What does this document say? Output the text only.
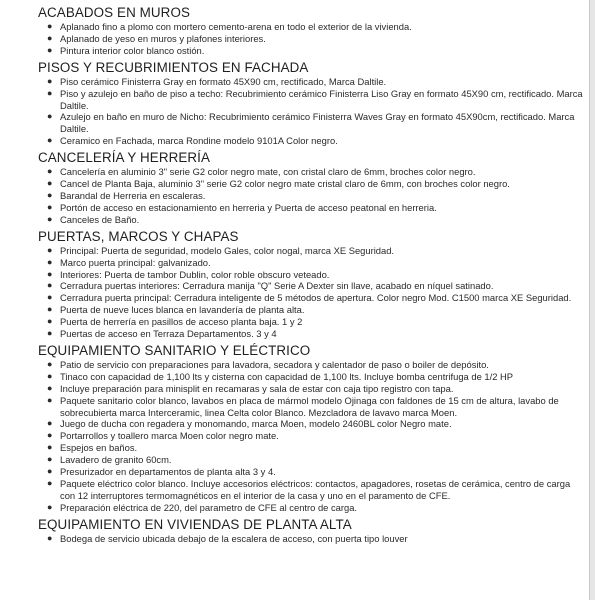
ACABADOS EN MUROS
● Aplanado fino a plomo con mortero cemento-arena en todo el exterior de la vivienda.
● Aplanado de yeso en muros y plafones interiores.
● Pintura interior color blanco ostión.
PISOS Y RECUBRIMIENTOS EN FACHADA
● Piso cerámico Finisterra Gray en formato 45X90 cm, rectificado, Marca Daltile.
● Piso y azulejo en baño de piso a techo: Recubrimiento cerámico Finisterra Liso Gray en formato 45X90 cm, rectificado. Marca Daltile.
● Azulejo en baño en muro de Nicho: Recubrimiento cerámico Finisterra Waves Gray en formato 45X90cm, rectificado. Marca Daltile.
● Ceramico en Fachada, marca Rondine modelo 9101A Color negro.
CANCELERÍA Y HERRERÍA
● Cancelería en aluminio 3" serie G2 color negro mate, con cristal claro de 6mm, broches color negro.
● Cancel de Planta Baja, aluminio 3" serie G2 color negro mate cristal claro de 6mm, con broches color negro.
● Barandal de Herreria en escaleras.
● Portón de acceso en estacionamiento en herreria y Puerta de acceso peatonal en herreria.
● Canceles de Baño.
PUERTAS, MARCOS Y CHAPAS
● Principal: Puerta de seguridad, modelo Gales, color nogal, marca XE Seguridad.
● Marco puerta principal: galvanizado.
● Interiores: Puerta de tambor Dublin, color roble obscuro veteado.
● Cerradura puertas interiores: Cerradura manija "Q" Serie A Dexter sin llave, acabado en níquel satinado.
● Cerradura puerta principal: Cerradura inteligente de 5 métodos de apertura. Color negro Mod. C1500 marca XE Seguridad.
● Puerta de nueve luces blanca en lavandería de planta alta.
● Puerta de herrería en pasillos de acceso planta baja. 1 y 2
● Puertas de acceso en Terraza Departamentos. 3 y 4
EQUIPAMIENTO SANITARIO Y ELÉCTRICO
● Patio de servicio con preparaciones para lavadora, secadora y calentador de paso o boiler de depósito.
● Tinaco con capacidad de 1,100 lts y cisterna con capacidad de 1,100 lts. Incluye bomba centrifuga de 1/2 HP
● Incluye preparación para minisplit en recamaras y sala de estar con caja tipo registro con tapa.
● Paquete sanitario color blanco, lavabos en placa de mármol modelo Ojinaga con faldones de 15 cm de altura, lavabo de sobrecubierta marca Interceramic, linea Celta color Blanco. Mezcladora de lavavo marca Moen.
● Juego de ducha con regadera y monomando, marca Moen, modelo 2460BL color Negro mate.
● Portarrollos y toallero marca Moen color negro mate.
● Espejos en baños.
● Lavadero de granito 60cm.
● Presurizador en departamentos de planta alta 3 y 4.
● Paquete eléctrico color blanco. Incluye accesorios eléctricos: contactos, apagadores, rosetas de cerámica, centro de carga con 12 interruptores termomagnéticos en el interior de la casa y uno en el paramento de CFE.
● Preparación eléctrica de 220, del parametro de CFE al centro de carga.
EQUIPAMIENTO EN VIVIENDAS DE PLANTA ALTA
● Bodega de servicio ubicada debajo de la escalera de acceso, con puerta tipo louver
